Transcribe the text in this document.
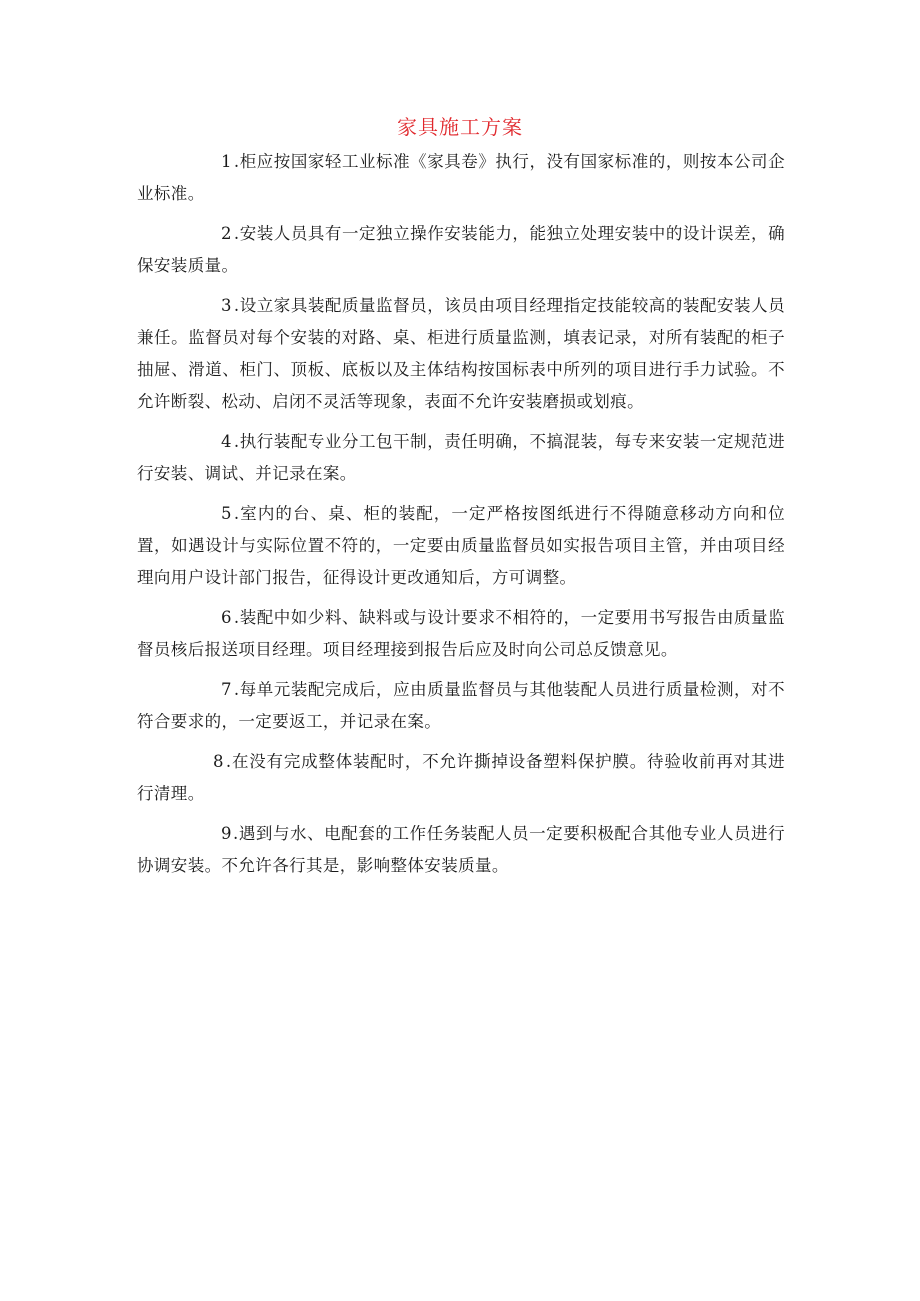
家具施工方案

1 .柜应按国家轻工业标准《家具卷》执行，没有国家标准的，则按本公司企业标准。

2 .安装人员具有一定独立操作安装能力，能独立处理安装中的设计误差，确保安装质量。

3 .设立家具装配质量监督员，该员由项目经理指定技能较高的装配安装人员兼任。监督员对每个安装的对路、桌、柜进行质量监测，填表记录，对所有装配的柜子抽屉、滑道、柜门、顶板、底板以及主体结构按国标表中所列的项目进行手力试验。不允许断裂、松动、启闭不灵活等现象，表面不允许安装磨损或划痕。

4 .执行装配专业分工包干制，责任明确，不搞混装，每专来安装一定规范进行安装、调试、并记录在案。

5 .室内的台、桌、柜的装配，一定严格按图纸进行不得随意移动方向和位置，如遇设计与实际位置不符的，一定要由质量监督员如实报告项目主管，并由项目经理向用户设计部门报告，征得设计更改通知后，方可调整。

6 .装配中如少料、缺料或与设计要求不相符的，一定要用书写报告由质量监督员核后报送项目经理。项目经理接到报告后应及时向公司总反馈意见。

7 .每单元装配完成后，应由质量监督员与其他装配人员进行质量检测，对不符合要求的，一定要返工，并记录在案。

8 .在没有完成整体装配时，不允许撕掉设备塑料保护膜。待验收前再对其进行清理。

9.遇到与水、电配套的工作任务装配人员一定要积极配合其他专业人员进行协调安装。不允许各行其是，影响整体安装质量。
